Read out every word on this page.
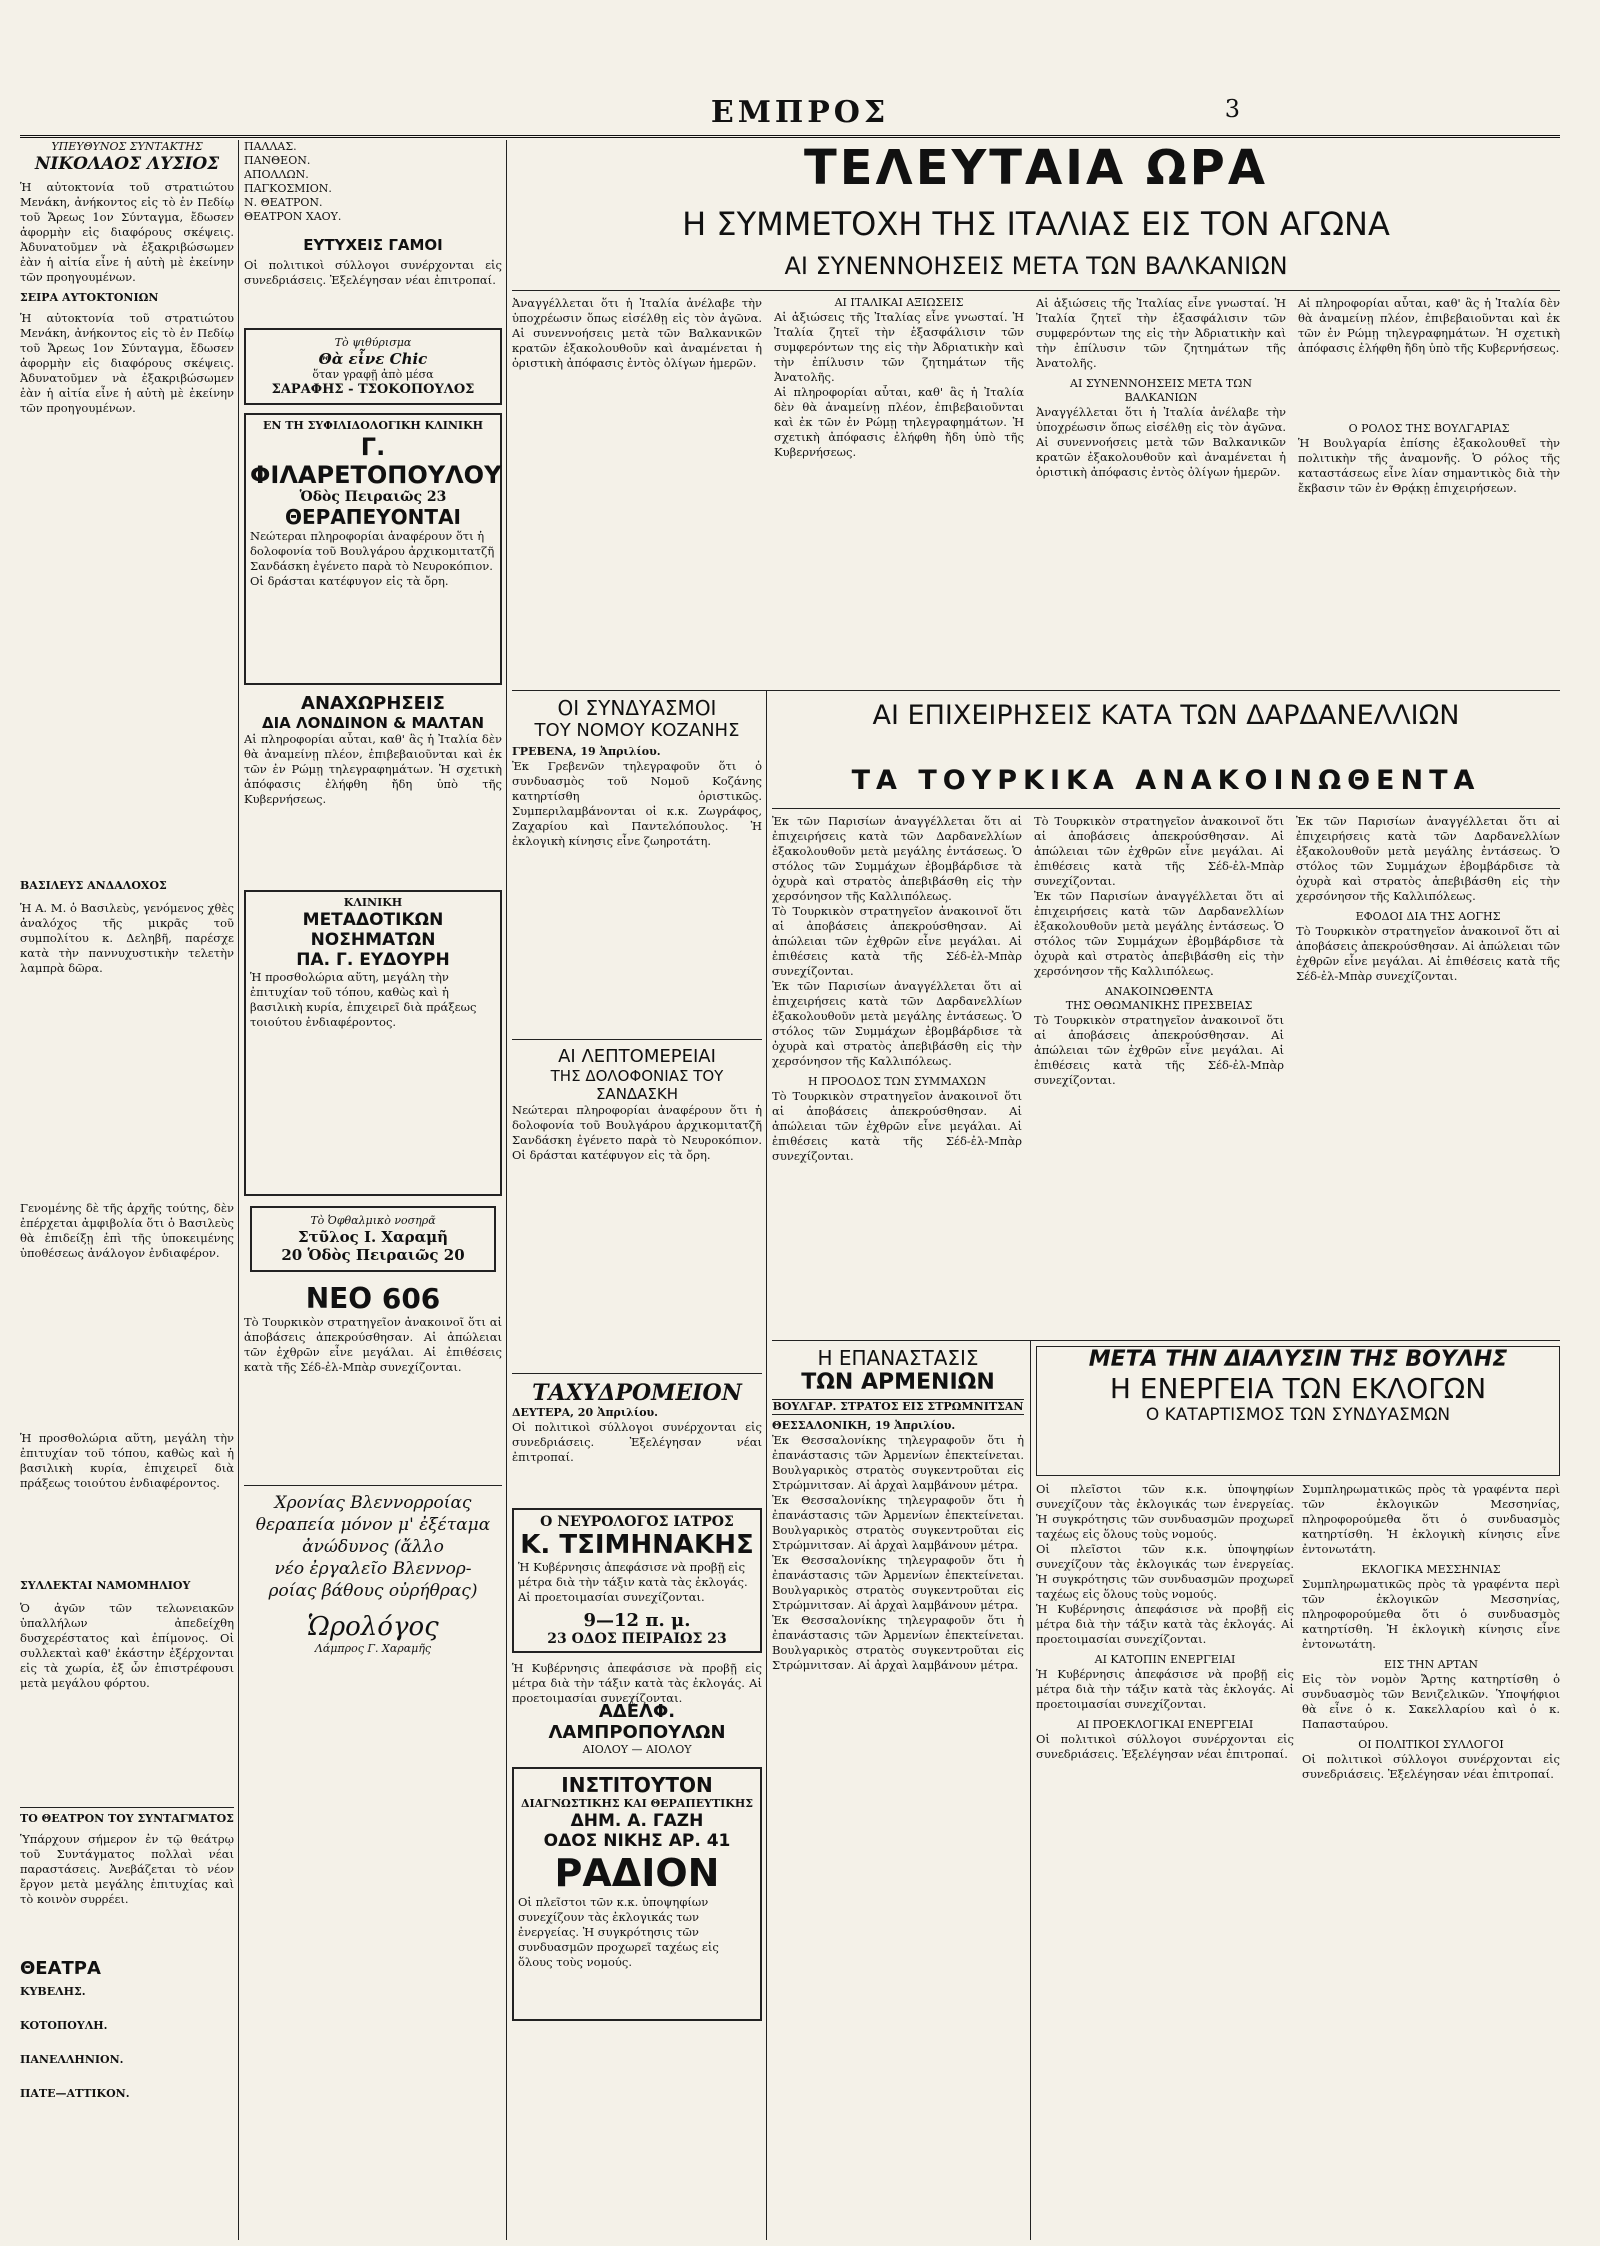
ΕΜΠΡΟΣ	3
ΥΠΕΥΘΥΝΟΣ ΣΥΝΤΑΚΤΗΣ
ΝΙΚΟΛΑΟΣ ΛΥΣΙΟΣ
Ἡ αὐτοκτονία τοῦ στρατιώτου Μενάκη, ἀνήκοντος εἰς τὸ ἐν Πεδίῳ τοῦ Ἄρεως 1ον Σύνταγμα, ἔδωσεν ἀφορμὴν εἰς διαφόρους σκέψεις. Ἀδυνατοῦμεν νὰ ἐξακριβώσωμεν ἐὰν ἡ αἰτία εἶνε ἡ αὐτὴ μὲ ἐκείνην τῶν προηγουμένων.
ΣΕΙΡΑ ΑΥΤΟΚΤΟΝΙΩΝ
Ἡ αὐτοκτονία τοῦ στρατιώτου Μενάκη, ἀνήκοντος εἰς τὸ ἐν Πεδίῳ τοῦ Ἄρεως 1ον Σύνταγμα, ἔδωσεν ἀφορμὴν εἰς διαφόρους σκέψεις. Ἀδυνατοῦμεν νὰ ἐξακριβώσωμεν ἐὰν ἡ αἰτία εἶνε ἡ αὐτὴ μὲ ἐκείνην τῶν προηγουμένων.
ΒΑΣΙΛΕΥΣ ΑΝΔΑΛΟΧΟΣ
Ἡ Α. Μ. ὁ Βασιλεὺς, γενόμενος χθὲς ἀναλόχος τῆς μικρᾶς τοῦ συμπολίτου κ. Δεληβῆ, παρέσχε κατὰ τὴν παννυχυστικὴν τελετὴν λαμπρὰ δῶρα.
Γενομένης δὲ τῆς ἀρχῆς τούτης, δὲν ἐπέρχεται ἀμφιβολία ὅτι ὁ Βασιλεὺς θὰ ἐπιδείξῃ ἐπὶ τῆς ὑποκειμένης ὑποθέσεως ἀνάλογον ἐνδιαφέρον.
Ἡ προσθολώρια αὕτη, μεγάλη τὴν ἐπιτυχίαν τοῦ τόπου, καθὼς καὶ ἡ βασιλικὴ κυρία, ἐπιχειρεῖ διὰ πράξεως τοιούτου ἐνδιαφέροντος.
ΣΥΛΛΕΚΤΑΙ ΝΑΜΟΜΗΛΙΟΥ
Ὁ ἀγῶν τῶν τελωνειακῶν ὑπαλλήλων ἀπεδείχθη δυσχερέστατος καὶ ἐπίμονος. Οἱ συλλεκταὶ καθ' ἑκάστην ἐξέρχονται εἰς τὰ χωρία, ἐξ ὧν ἐπιστρέφουσι μετὰ μεγάλου φόρτου.
ΤΟ ΘΕΑΤΡΟΝ ΤΟΥ ΣΥΝΤΑΓΜΑΤΟΣ
Ὑπάρχουν σήμερον ἐν τῷ θεάτρῳ τοῦ Συντάγματος πολλαὶ νέαι παραστάσεις. Ἀνεβάζεται τὸ νέον ἔργον μετὰ μεγάλης ἐπιτυχίας καὶ τὸ κοινὸν συρρέει.
ΘΕΑΤΡΑ
ΚΥΒΕΛΗΣ.
ΚΟΤΟΠΟΥΛΗ.
ΠΑΝΕΛΛΗΝΙΟΝ.
ΠΑΤΕ—ΑΤΤΙΚΟΝ.
ΠΑΛΛΑΣ.
ΠΑΝΘΕΟΝ.
ΑΠΟΛΛΩΝ.
ΠΑΓΚΟΣΜΙΟΝ.
Ν. ΘΕΑΤΡΟΝ.
ΘΕΑΤΡΟΝ ΧΑΟΥ.
ΕΥΤΥΧΕΙΣ ΓΑΜΟΙ
Οἱ πολιτικοὶ σύλλογοι συνέρχονται εἰς συνεδριάσεις. Ἐξελέγησαν νέαι ἐπιτροπαί.
Τὸ ψιθύρισμα
Θὰ εἶνε Chic
ὅταν γραφῇ ἀπὸ μέσα
ΣΑΡΑΦΗΣ - ΤΣΟΚΟΠΟΥΛΟΣ
ΕΝ ΤΗ ΣΥΦΙΛΙΔΟΛΟΓΙΚΗ ΚΛΙΝΙΚΗ
Γ. ΦΙΛΑΡΕΤΟΠΟΥΛΟΥ
Ὁδὸς Πειραιῶς 23
ΘΕΡΑΠΕΥΟΝΤΑΙ
Νεώτεραι πληροφορίαι ἀναφέρουν ὅτι ἡ δολοφονία τοῦ Βουλγάρου ἀρχικομιτατζῆ Σανδάσκη ἐγένετο παρὰ τὸ Νευροκόπιον. Οἱ δράσται κατέφυγον εἰς τὰ ὄρη.
ΑΝΑΧΩΡΗΣΕΙΣ
ΔΙΑ ΛΟΝΔΙΝΟΝ & ΜΑΛΤΑΝ
Αἱ πληροφορίαι αὗται, καθ' ἃς ἡ Ἰταλία δὲν θὰ ἀναμείνῃ πλέον, ἐπιβεβαιοῦνται καὶ ἐκ τῶν ἐν Ρώμῃ τηλεγραφημάτων. Ἡ σχετικὴ ἀπόφασις ἐλήφθη ἤδη ὑπὸ τῆς Κυβερνήσεως.
ΚΛΙΝΙΚΗ
ΜΕΤΑΔΟΤΙΚΩΝ ΝΟΣΗΜΑΤΩΝ
ΠΑ. Γ. ΕΥΔΟΥΡΗ
Ἡ προσθολώρια αὕτη, μεγάλη τὴν ἐπιτυχίαν τοῦ τόπου, καθὼς καὶ ἡ βασιλικὴ κυρία, ἐπιχειρεῖ διὰ πράξεως τοιούτου ἐνδιαφέροντος.
Τὸ Ὀφθαλμικὸ νοσηρᾶ
Στῦλος Ι. Χαραμῆ
20 Ὁδὸς Πειραιῶς 20
ΝΕΟ 606
Τὸ Τουρκικὸν στρατηγεῖον ἀνακοινοῖ ὅτι αἱ ἀποβάσεις ἀπεκρούσθησαν. Αἱ ἀπώλειαι τῶν ἐχθρῶν εἶνε μεγάλαι. Αἱ ἐπιθέσεις κατὰ τῆς Σέδ-ἐλ-Μπὰρ συνεχίζονται.
Χρονίας Βλεννορροίας
θεραπεία μόνον μ' ἐξέταμα
ἀνώδυνος (ἄλλο
νέο ἐργαλεῖο Βλεννορ-
ροίας βάθους οὐρήθρας)
Ὡρολόγος
Λάμπρος Γ. Χαραμῆς
ΤΕΛΕΥΤΑΙΑ ΩΡΑ
Η ΣΥΜΜΕΤΟΧΗ ΤΗΣ ΙΤΑΛΙΑΣ ΕΙΣ ΤΟΝ ΑΓΩΝΑ
ΑΙ ΣΥΝΕΝΝΟΗΣΕΙΣ ΜΕΤΑ ΤΩΝ ΒΑΛΚΑΝΙΩΝ
Ἀναγγέλλεται ὅτι ἡ Ἰταλία ἀνέλαβε τὴν ὑποχρέωσιν ὅπως εἰσέλθῃ εἰς τὸν ἀγῶνα. Αἱ συνεννοήσεις μετὰ τῶν Βαλκανικῶν κρατῶν ἐξακολουθοῦν καὶ ἀναμένεται ἡ ὁριστικὴ ἀπόφασις ἐντὸς ὀλίγων ἡμερῶν.
ΑΙ ΙΤΑΛΙΚΑΙ ΑΞΙΩΣΕΙΣ
Αἱ ἀξιώσεις τῆς Ἰταλίας εἶνε γνωσταί. Ἡ Ἰταλία ζητεῖ τὴν ἐξασφάλισιν τῶν συμφερόντων της εἰς τὴν Ἀδριατικὴν καὶ τὴν ἐπίλυσιν τῶν ζητημάτων τῆς Ἀνατολῆς.
Αἱ πληροφορίαι αὗται, καθ' ἃς ἡ Ἰταλία δὲν θὰ ἀναμείνῃ πλέον, ἐπιβεβαιοῦνται καὶ ἐκ τῶν ἐν Ρώμῃ τηλεγραφημάτων. Ἡ σχετικὴ ἀπόφασις ἐλήφθη ἤδη ὑπὸ τῆς Κυβερνήσεως.
Αἱ ἀξιώσεις τῆς Ἰταλίας εἶνε γνωσταί. Ἡ Ἰταλία ζητεῖ τὴν ἐξασφάλισιν τῶν συμφερόντων της εἰς τὴν Ἀδριατικὴν καὶ τὴν ἐπίλυσιν τῶν ζητημάτων τῆς Ἀνατολῆς.
ΑΙ ΣΥΝΕΝΝΟΗΣΕΙΣ ΜΕΤΑ ΤΩΝ ΒΑΛΚΑΝΙΩΝ
Ἀναγγέλλεται ὅτι ἡ Ἰταλία ἀνέλαβε τὴν ὑποχρέωσιν ὅπως εἰσέλθῃ εἰς τὸν ἀγῶνα. Αἱ συνεννοήσεις μετὰ τῶν Βαλκανικῶν κρατῶν ἐξακολουθοῦν καὶ ἀναμένεται ἡ ὁριστικὴ ἀπόφασις ἐντὸς ὀλίγων ἡμερῶν.
Αἱ πληροφορίαι αὗται, καθ' ἃς ἡ Ἰταλία δὲν θὰ ἀναμείνῃ πλέον, ἐπιβεβαιοῦνται καὶ ἐκ τῶν ἐν Ρώμῃ τηλεγραφημάτων. Ἡ σχετικὴ ἀπόφασις ἐλήφθη ἤδη ὑπὸ τῆς Κυβερνήσεως.
Ο ΡΟΛΟΣ ΤΗΣ ΒΟΥΛΓΑΡΙΑΣ
Ἡ Βουλγαρία ἐπίσης ἐξακολουθεῖ τὴν πολιτικὴν τῆς ἀναμονῆς. Ὁ ρόλος τῆς καταστάσεως εἶνε λίαν σημαντικὸς διὰ τὴν ἔκβασιν τῶν ἐν Θρᾴκῃ ἐπιχειρήσεων.
ΟΙ ΣΥΝΔΥΑΣΜΟΙ
ΤΟΥ ΝΟΜΟΥ ΚΟΖΑΝΗΣ
ΓΡΕΒΕΝΑ, 19 Ἀπριλίου.
Ἐκ Γρεβενῶν τηλεγραφοῦν ὅτι ὁ συνδυασμὸς τοῦ Νομοῦ Κοζάνης κατηρτίσθη ὁριστικῶς. Συμπεριλαμβάνονται οἱ κ.κ. Ζωγράφος, Ζαχαρίου καὶ Παντελόπουλος. Ἡ ἐκλογικὴ κίνησις εἶνε ζωηροτάτη.
ΑΙ ΛΕΠΤΟΜΕΡΕΙΑΙ
ΤΗΣ ΔΟΛΟΦΟΝΙΑΣ ΤΟΥ ΣΑΝΔΑΣΚΗ
Νεώτεραι πληροφορίαι ἀναφέρουν ὅτι ἡ δολοφονία τοῦ Βουλγάρου ἀρχικομιτατζῆ Σανδάσκη ἐγένετο παρὰ τὸ Νευροκόπιον. Οἱ δράσται κατέφυγον εἰς τὰ ὄρη.
ΤΑΧΥΔΡΟΜΕΙΟΝ
ΔΕΥΤΕΡΑ, 20 Ἀπριλίου.
Οἱ πολιτικοὶ σύλλογοι συνέρχονται εἰς συνεδριάσεις. Ἐξελέγησαν νέαι ἐπιτροπαί.
Ο ΝΕΥΡΟΛΟΓΟΣ ΙΑΤΡΟΣ
Κ. ΤΣΙΜΗΝΑΚΗΣ
Ἡ Κυβέρνησις ἀπεφάσισε νὰ προβῇ εἰς μέτρα διὰ τὴν τάξιν κατὰ τὰς ἐκλογάς. Αἱ προετοιμασίαι συνεχίζονται.
9—12 π. μ.
23 ΟΔΟΣ ΠΕΙΡΑΙΩΣ 23
Ἡ Κυβέρνησις ἀπεφάσισε νὰ προβῇ εἰς μέτρα διὰ τὴν τάξιν κατὰ τὰς ἐκλογάς. Αἱ προετοιμασίαι συνεχίζονται.
ΑΔΕΛΦ. ΛΑΜΠΡΟΠΟΥΛΩΝ
ΑΙΟΛΟΥ — ΑΙΟΛΟΥ
ΙΝΣΤΙΤΟΥΤΟΝ
ΔΙΑΓΝΩΣΤΙΚΗΣ ΚΑΙ ΘΕΡΑΠΕΥΤΙΚΗΣ
ΔΗΜ. Α. ΓΑΖΗ
ΟΔΟΣ ΝΙΚΗΣ ΑΡ. 41
ΡΑΔΙΟΝ
Οἱ πλεῖστοι τῶν κ.κ. ὑποψηφίων συνεχίζουν τὰς ἐκλογικάς των ἐνεργείας. Ἡ συγκρότησις τῶν συνδυασμῶν προχωρεῖ ταχέως εἰς ὅλους τοὺς νομούς.
ΑΙ ΕΠΙΧΕΙΡΗΣΕΙΣ ΚΑΤΑ ΤΩΝ ΔΑΡΔΑΝΕΛΛΙΩΝ
ΤΑ ΤΟΥΡΚΙΚΑ ΑΝΑΚΟΙΝΩΘΕΝΤΑ
Ἐκ τῶν Παρισίων ἀναγγέλλεται ὅτι αἱ ἐπιχειρήσεις κατὰ τῶν Δαρδανελλίων ἐξακολουθοῦν μετὰ μεγάλης ἐντάσεως. Ὁ στόλος τῶν Συμμάχων ἐβομβάρδισε τὰ ὀχυρὰ καὶ στρατὸς ἀπεβιβάσθη εἰς τὴν χερσόνησον τῆς Καλλιπόλεως.
Τὸ Τουρκικὸν στρατηγεῖον ἀνακοινοῖ ὅτι αἱ ἀποβάσεις ἀπεκρούσθησαν. Αἱ ἀπώλειαι τῶν ἐχθρῶν εἶνε μεγάλαι. Αἱ ἐπιθέσεις κατὰ τῆς Σέδ-ἐλ-Μπὰρ συνεχίζονται.
Ἐκ τῶν Παρισίων ἀναγγέλλεται ὅτι αἱ ἐπιχειρήσεις κατὰ τῶν Δαρδανελλίων ἐξακολουθοῦν μετὰ μεγάλης ἐντάσεως. Ὁ στόλος τῶν Συμμάχων ἐβομβάρδισε τὰ ὀχυρὰ καὶ στρατὸς ἀπεβιβάσθη εἰς τὴν χερσόνησον τῆς Καλλιπόλεως.
Η ΠΡΟΟΔΟΣ ΤΩΝ ΣΥΜΜΑΧΩΝ
Τὸ Τουρκικὸν στρατηγεῖον ἀνακοινοῖ ὅτι αἱ ἀποβάσεις ἀπεκρούσθησαν. Αἱ ἀπώλειαι τῶν ἐχθρῶν εἶνε μεγάλαι. Αἱ ἐπιθέσεις κατὰ τῆς Σέδ-ἐλ-Μπὰρ συνεχίζονται.
Τὸ Τουρκικὸν στρατηγεῖον ἀνακοινοῖ ὅτι αἱ ἀποβάσεις ἀπεκρούσθησαν. Αἱ ἀπώλειαι τῶν ἐχθρῶν εἶνε μεγάλαι. Αἱ ἐπιθέσεις κατὰ τῆς Σέδ-ἐλ-Μπὰρ συνεχίζονται.
Ἐκ τῶν Παρισίων ἀναγγέλλεται ὅτι αἱ ἐπιχειρήσεις κατὰ τῶν Δαρδανελλίων ἐξακολουθοῦν μετὰ μεγάλης ἐντάσεως. Ὁ στόλος τῶν Συμμάχων ἐβομβάρδισε τὰ ὀχυρὰ καὶ στρατὸς ἀπεβιβάσθη εἰς τὴν χερσόνησον τῆς Καλλιπόλεως.
ΑΝΑΚΟΙΝΩΘΕΝΤΑ
ΤΗΣ ΟΘΩΜΑΝΙΚΗΣ ΠΡΕΣΒΕΙΑΣ
Τὸ Τουρκικὸν στρατηγεῖον ἀνακοινοῖ ὅτι αἱ ἀποβάσεις ἀπεκρούσθησαν. Αἱ ἀπώλειαι τῶν ἐχθρῶν εἶνε μεγάλαι. Αἱ ἐπιθέσεις κατὰ τῆς Σέδ-ἐλ-Μπὰρ συνεχίζονται.
Ἐκ τῶν Παρισίων ἀναγγέλλεται ὅτι αἱ ἐπιχειρήσεις κατὰ τῶν Δαρδανελλίων ἐξακολουθοῦν μετὰ μεγάλης ἐντάσεως. Ὁ στόλος τῶν Συμμάχων ἐβομβάρδισε τὰ ὀχυρὰ καὶ στρατὸς ἀπεβιβάσθη εἰς τὴν χερσόνησον τῆς Καλλιπόλεως.
ΕΦΟΔΟΙ ΔΙΑ ΤΗΣ ΑΟΓΗΣ
Τὸ Τουρκικὸν στρατηγεῖον ἀνακοινοῖ ὅτι αἱ ἀποβάσεις ἀπεκρούσθησαν. Αἱ ἀπώλειαι τῶν ἐχθρῶν εἶνε μεγάλαι. Αἱ ἐπιθέσεις κατὰ τῆς Σέδ-ἐλ-Μπὰρ συνεχίζονται.
Η ΕΠΑΝΑΣΤΑΣΙΣ
ΤΩΝ ΑΡΜΕΝΙΩΝ
ΒΟΥΛΓΑΡ. ΣΤΡΑΤΟΣ ΕΙΣ ΣΤΡΩΜΝΙΤΣΑΝ
ΘΕΣΣΑΛΟΝΙΚΗ, 19 Ἀπριλίου.
Ἐκ Θεσσαλονίκης τηλεγραφοῦν ὅτι ἡ ἐπανάστασις τῶν Ἀρμενίων ἐπεκτείνεται. Βουλγαρικὸς στρατὸς συγκεντροῦται εἰς Στρώμνιτσαν. Αἱ ἀρχαὶ λαμβάνουν μέτρα.
Ἐκ Θεσσαλονίκης τηλεγραφοῦν ὅτι ἡ ἐπανάστασις τῶν Ἀρμενίων ἐπεκτείνεται. Βουλγαρικὸς στρατὸς συγκεντροῦται εἰς Στρώμνιτσαν. Αἱ ἀρχαὶ λαμβάνουν μέτρα.
Ἐκ Θεσσαλονίκης τηλεγραφοῦν ὅτι ἡ ἐπανάστασις τῶν Ἀρμενίων ἐπεκτείνεται. Βουλγαρικὸς στρατὸς συγκεντροῦται εἰς Στρώμνιτσαν. Αἱ ἀρχαὶ λαμβάνουν μέτρα.
Ἐκ Θεσσαλονίκης τηλεγραφοῦν ὅτι ἡ ἐπανάστασις τῶν Ἀρμενίων ἐπεκτείνεται. Βουλγαρικὸς στρατὸς συγκεντροῦται εἰς Στρώμνιτσαν. Αἱ ἀρχαὶ λαμβάνουν μέτρα.
ΜΕΤΑ ΤΗΝ ΔΙΑΛΥΣΙΝ ΤΗΣ ΒΟΥΛΗΣ
Η ΕΝΕΡΓΕΙΑ ΤΩΝ ΕΚΛΟΓΩΝ
Ο ΚΑΤΑΡΤΙΣΜΟΣ ΤΩΝ ΣΥΝΔΥΑΣΜΩΝ
Οἱ πλεῖστοι τῶν κ.κ. ὑποψηφίων συνεχίζουν τὰς ἐκλογικάς των ἐνεργείας. Ἡ συγκρότησις τῶν συνδυασμῶν προχωρεῖ ταχέως εἰς ὅλους τοὺς νομούς.
Οἱ πλεῖστοι τῶν κ.κ. ὑποψηφίων συνεχίζουν τὰς ἐκλογικάς των ἐνεργείας. Ἡ συγκρότησις τῶν συνδυασμῶν προχωρεῖ ταχέως εἰς ὅλους τοὺς νομούς.
Ἡ Κυβέρνησις ἀπεφάσισε νὰ προβῇ εἰς μέτρα διὰ τὴν τάξιν κατὰ τὰς ἐκλογάς. Αἱ προετοιμασίαι συνεχίζονται.
ΑΙ ΚΑΤΟΠΙΝ ΕΝΕΡΓΕΙΑΙ
Ἡ Κυβέρνησις ἀπεφάσισε νὰ προβῇ εἰς μέτρα διὰ τὴν τάξιν κατὰ τὰς ἐκλογάς. Αἱ προετοιμασίαι συνεχίζονται.
ΑΙ ΠΡΟΕΚΛΟΓΙΚΑΙ ΕΝΕΡΓΕΙΑΙ
Οἱ πολιτικοὶ σύλλογοι συνέρχονται εἰς συνεδριάσεις. Ἐξελέγησαν νέαι ἐπιτροπαί.
Συμπληρωματικῶς πρὸς τὰ γραφέντα περὶ τῶν ἐκλογικῶν Μεσσηνίας, πληροφορούμεθα ὅτι ὁ συνδυασμὸς κατηρτίσθη. Ἡ ἐκλογικὴ κίνησις εἶνε ἐντονωτάτη.
ΕΚΛΟΓΙΚΑ ΜΕΣΣΗΝΙΑΣ
Συμπληρωματικῶς πρὸς τὰ γραφέντα περὶ τῶν ἐκλογικῶν Μεσσηνίας, πληροφορούμεθα ὅτι ὁ συνδυασμὸς κατηρτίσθη. Ἡ ἐκλογικὴ κίνησις εἶνε ἐντονωτάτη.
ΕΙΣ ΤΗΝ ΑΡΤΑΝ
Εἰς τὸν νομὸν Ἄρτης κατηρτίσθη ὁ συνδυασμὸς τῶν Βενιζελικῶν. Ὑποψήφιοι θὰ εἶνε ὁ κ. Σακελλαρίου καὶ ὁ κ. Παπασταύρου.
ΟΙ ΠΟΛΙΤΙΚΟΙ ΣΥΛΛΟΓΟΙ
Οἱ πολιτικοὶ σύλλογοι συνέρχονται εἰς συνεδριάσεις. Ἐξελέγησαν νέαι ἐπιτροπαί.
